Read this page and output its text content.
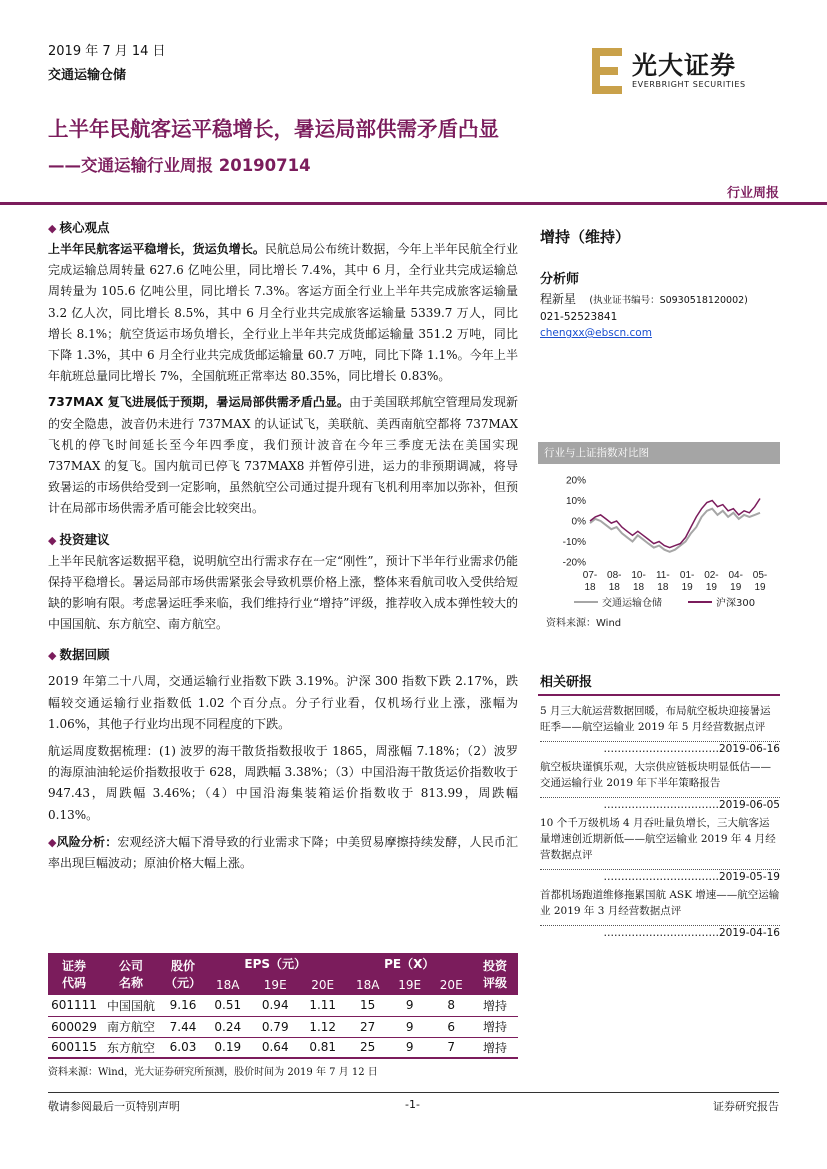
2019 年 7 月 14 日
交通运输仓储	光大证券
EVERBRIGHT SECURITIES
上半年民航客运平稳增长，暑运局部供需矛盾凸显
——交通运输行业周报 20190714
行业周报
◆ 核心观点
上半年民航客运平稳增长，货运负增长。民航总局公布统计数据，今年上半年民航全行业完成运输总周转量 627.6 亿吨公里，同比增长 7.4%，其中 6 月，全行业共完成运输总周转量为 105.6 亿吨公里，同比增长 7.3%。客运方面全行业上半年共完成旅客运输量 3.2 亿人次，同比增长 8.5%，其中 6 月全行业共完成旅客运输量 5339.7 万人，同比增长 8.1%；航空货运市场负增长，全行业上半年共完成货邮运输量 351.2 万吨，同比下降 1.3%，其中 6 月全行业共完成货邮运输量 60.7 万吨，同比下降 1.1%。今年上半年航班总量同比增长 7%，全国航班正常率达 80.35%，同比增长 0.83%。
737MAX 复飞进展低于预期，暑运局部供需矛盾凸显。由于美国联邦航空管理局发现新的安全隐患，波音仍未进行 737MAX 的认证试飞，美联航、美西南航空都将 737MAX 飞机的停飞时间延长至今年四季度，我们预计波音在今年三季度无法在美国实现 737MAX 的复飞。国内航司已停飞 737MAX8 并暂停引进，运力的非预期调减，将导致暑运的市场供给受到一定影响，虽然航空公司通过提升现有飞机利用率加以弥补，但预计在局部市场供需矛盾可能会比较突出。
◆ 投资建议
上半年民航客运数据平稳，说明航空出行需求存在一定“刚性”，预计下半年行业需求仍能保持平稳增长。暑运局部市场供需紧张会导致机票价格上涨，整体来看航司收入受供给短缺的影响有限。考虑暑运旺季来临，我们维持行业“增持”评级，推荐收入成本弹性较大的中国国航、东方航空、南方航空。
◆ 数据回顾
2019 年第二十八周，交通运输行业指数下跌 3.19%。沪深 300 指数下跌 2.17%，跌幅较交通运输行业指数低 1.02 个百分点。分子行业看，仅机场行业上涨，涨幅为 1.06%，其他子行业均出现不同程度的下跌。
航运周度数据梳理：(1) 波罗的海干散货指数报收于 1865，周涨幅 7.18%；（2）波罗的海原油油轮运价指数报收于 628，周跌幅 3.38%；（3）中国沿海干散货运价指数收于 947.43，周跌幅 3.46%；（4）中国沿海集装箱运价指数收于 813.99，周跌幅 0.13%。
◆风险分析：宏观经济大幅下滑导致的行业需求下降；中美贸易摩擦持续发酵，人民币汇率出现巨幅波动；原油价格大幅上涨。
证券
代码	公司
名称	股价
（元）	EPS（元）			PE（X）			投资
评级
			18A	19E	20E	18A	19E	20E	
601111	中国国航	9.16	0.51	0.94	1.11	15	9	8	增持
600029	南方航空	7.44	0.24	0.79	1.12	27	9	6	增持
600115	东方航空	6.03	0.19	0.64	0.81	25	9	7	增持
资料来源：Wind，光大证券研究所预测，股价时间为 2019 年 7 月 12 日
增持（维持）
分析师
程新星 (执业证书编号：S0930518120002)
021-52523841
chengxx@ebscn.com
行业与上证指数对比图
20%
10%
0%
-10%
-20%
07-
18
08-
18
10-
18
11-
18
01-
19
02-
19
04-
19
05-
19
交通运输仓储	沪深300
资料来源：Wind
相关研报
5 月三大航运营数据回暖，布局航空板块迎接暑运旺季——航空运输业 2019 年 5 月经营数据点评
……………………………2019-06-16
航空板块谨慎乐观，大宗供应链板块明显低估——交通运输行业 2019 年下半年策略报告
……………………………2019-06-05
10 个千万级机场 4 月吞吐量负增长，三大航客运量增速创近期新低——航空运输业 2019 年 4 月经营数据点评
……………………………2019-05-19
首都机场跑道维修拖累国航 ASK 增速——航空运输业 2019 年 3 月经营数据点评
……………………………2019-04-16
敬请参阅最后一页特别声明	-1-	证券研究报告
